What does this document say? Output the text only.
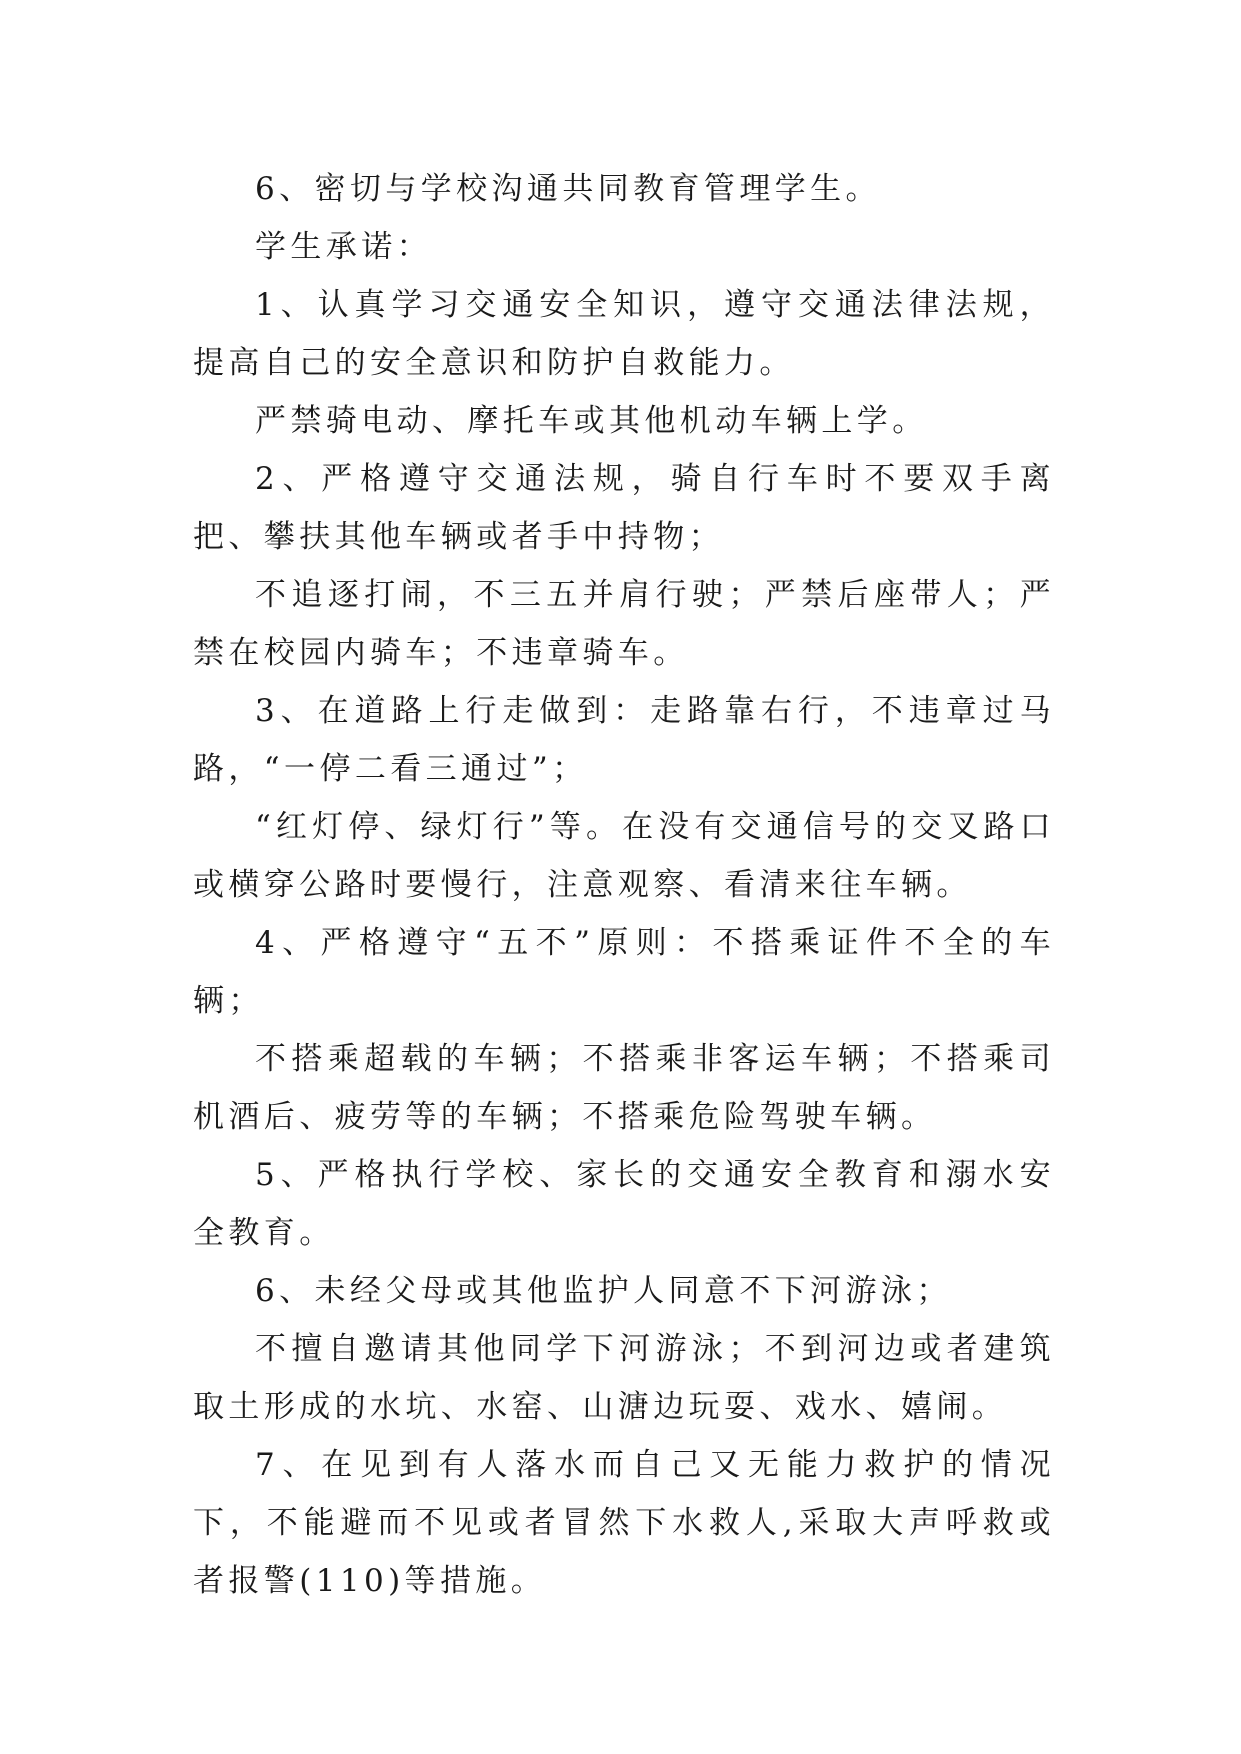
6、密切与学校沟通共同教育管理学生。

学生承诺：

1、认真学习交通安全知识，遵守交通法律法规，提高自己的安全意识和防护自救能力。

严禁骑电动、摩托车或其他机动车辆上学。

2、严格遵守交通法规，骑自行车时不要双手离把、攀扶其他车辆或者手中持物；

不追逐打闹，不三五并肩行驶；严禁后座带人；严禁在校园内骑车；不违章骑车。

3、在道路上行走做到：走路靠右行，不违章过马路，“一停二看三通过”；

“红灯停、绿灯行”等。在没有交通信号的交叉路口或横穿公路时要慢行，注意观察、看清来往车辆。

4、严格遵守“五不”原则：不搭乘证件不全的车辆；

不搭乘超载的车辆；不搭乘非客运车辆；不搭乘司机酒后、疲劳等的车辆；不搭乘危险驾驶车辆。

5、严格执行学校、家长的交通安全教育和溺水安全教育。

6、未经父母或其他监护人同意不下河游泳；

不擅自邀请其他同学下河游泳；不到河边或者建筑取土形成的水坑、水窑、山溏边玩耍、戏水、嬉闹。

7、在见到有人落水而自己又无能力救护的情况下，不能避而不见或者冒然下水救人,采取大声呼救或者报警(110)等措施。
